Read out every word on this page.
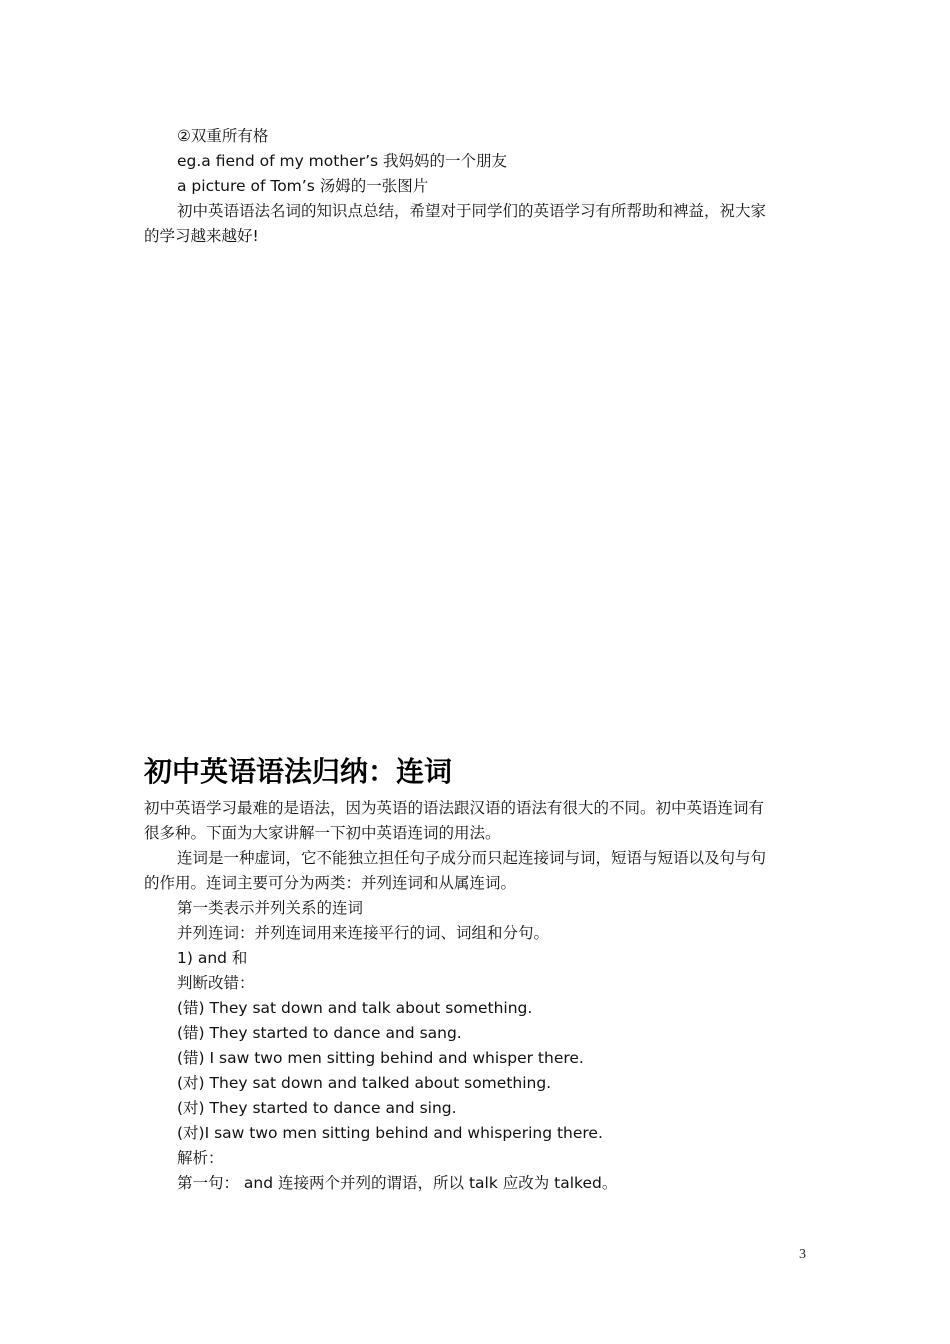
②双重所有格
eg.a fiend of my mother’s 我妈妈的一个朋友
a picture of Tom’s 汤姆的一张图片
初中英语语法名词的知识点总结，希望对于同学们的英语学习有所帮助和裨益，祝大家
的学习越来越好!
初中英语语法归纳：连词
初中英语学习最难的是语法，因为英语的语法跟汉语的语法有很大的不同。初中英语连词有
很多种。下面为大家讲解一下初中英语连词的用法。
连词是一种虚词，它不能独立担任句子成分而只起连接词与词，短语与短语以及句与句
的作用。连词主要可分为两类：并列连词和从属连词。
第一类表示并列关系的连词
并列连词：并列连词用来连接平行的词、词组和分句。
1) and 和
判断改错：
(错) They sat down and talk about something.
(错) They started to dance and sang.
(错) I saw two men sitting behind and whisper there.
(对) They sat down and talked about something.
(对) They started to dance and sing.
(对)I saw two men sitting behind and whispering there.
解析：
第一句： and 连接两个并列的谓语，所以 talk 应改为 talked。
3
